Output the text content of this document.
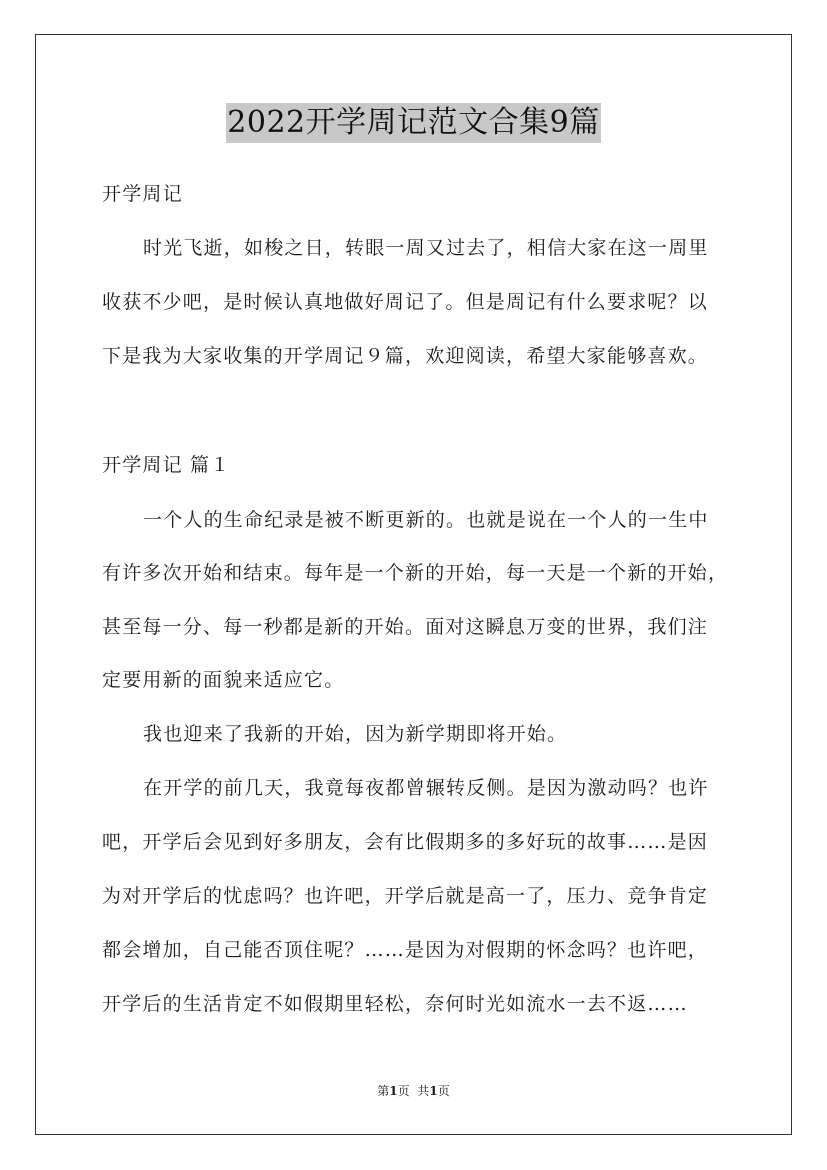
2022开学周记范文合集9篇
开学周记
时光飞逝，如梭之日，转眼一周又过去了，相信大家在这一周里
收获不少吧，是时候认真地做好周记了。但是周记有什么要求呢？以
下是我为大家收集的开学周记９篇，欢迎阅读，希望大家能够喜欢。
开学周记 篇１
一个人的生命纪录是被不断更新的。也就是说在一个人的一生中
有许多次开始和结束。每年是一个新的开始，每一天是一个新的开始，
甚至每一分、每一秒都是新的开始。面对这瞬息万变的世界，我们注
定要用新的面貌来适应它。
我也迎来了我新的开始，因为新学期即将开始。
在开学的前几天，我竟每夜都曾辗转反侧。是因为激动吗？也许
吧，开学后会见到好多朋友，会有比假期多的多好玩的故事……是因
为对开学后的忧虑吗？也许吧，开学后就是高一了，压力、竞争肯定
都会增加，自己能否顶住呢？……是因为对假期的怀念吗？也许吧，
开学后的生活肯定不如假期里轻松，奈何时光如流水一去不返……
第1页 共1页
